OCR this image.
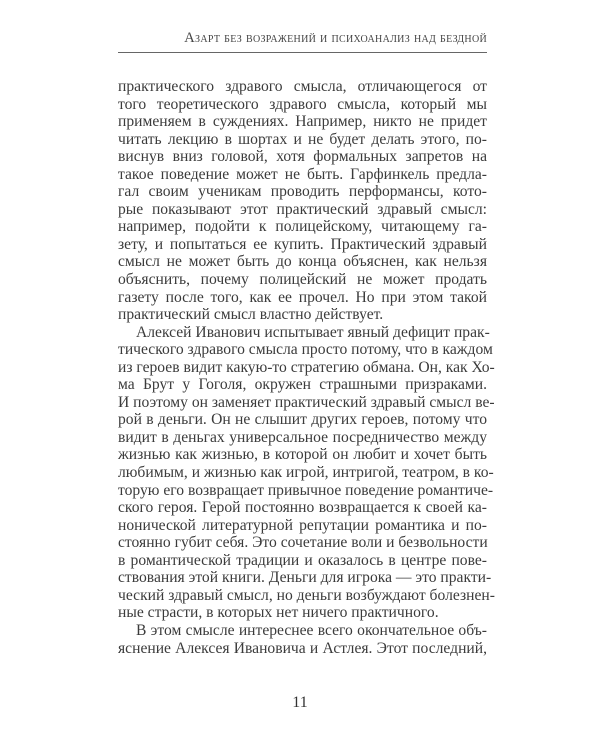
Азарт без возражений и психоанализ над бездной
практического здравого смысла, отличающегося от
того теоретического здравого смысла, который мы
применяем в суждениях. Например, никто не придет
читать лекцию в шортах и не будет делать этого, по-
виснув вниз головой, хотя формальных запретов на
такое поведение может не быть. Гарфинкель предла-
гал своим ученикам проводить перформансы, кото-
рые показывают этот практический здравый смысл:
например, подойти к полицейскому, читающему га-
зету, и попытаться ее купить. Практический здравый
смысл не может быть до конца объяснен, как нельзя
объяснить, почему полицейский не может продать
газету после того, как ее прочел. Но при этом такой
практический смысл властно действует.
Алексей Иванович испытывает явный дефицит прак-
тического здравого смысла просто потому, что в каждом
из героев видит какую-то стратегию обмана. Он, как Хо-
ма Брут у Гоголя, окружен страшными призраками.
И поэтому он заменяет практический здравый смысл ве-
рой в деньги. Он не слышит других героев, потому что
видит в деньгах универсальное посредничество между
жизнью как жизнью, в которой он любит и хочет быть
любимым, и жизнью как игрой, интригой, театром, в ко-
торую его возвращает привычное поведение романтиче-
ского героя. Герой постоянно возвращается к своей ка-
нонической литературной репутации романтика и по-
стоянно губит себя. Это сочетание воли и безвольности
в романтической традиции и оказалось в центре пове-
ствования этой книги. Деньги для игрока — это практи-
ческий здравый смысл, но деньги возбуждают болезнен-
ные страсти, в которых нет ничего практичного.
В этом смысле интереснее всего окончательное объ-
яснение Алексея Ивановича и Астлея. Этот последний,
11
